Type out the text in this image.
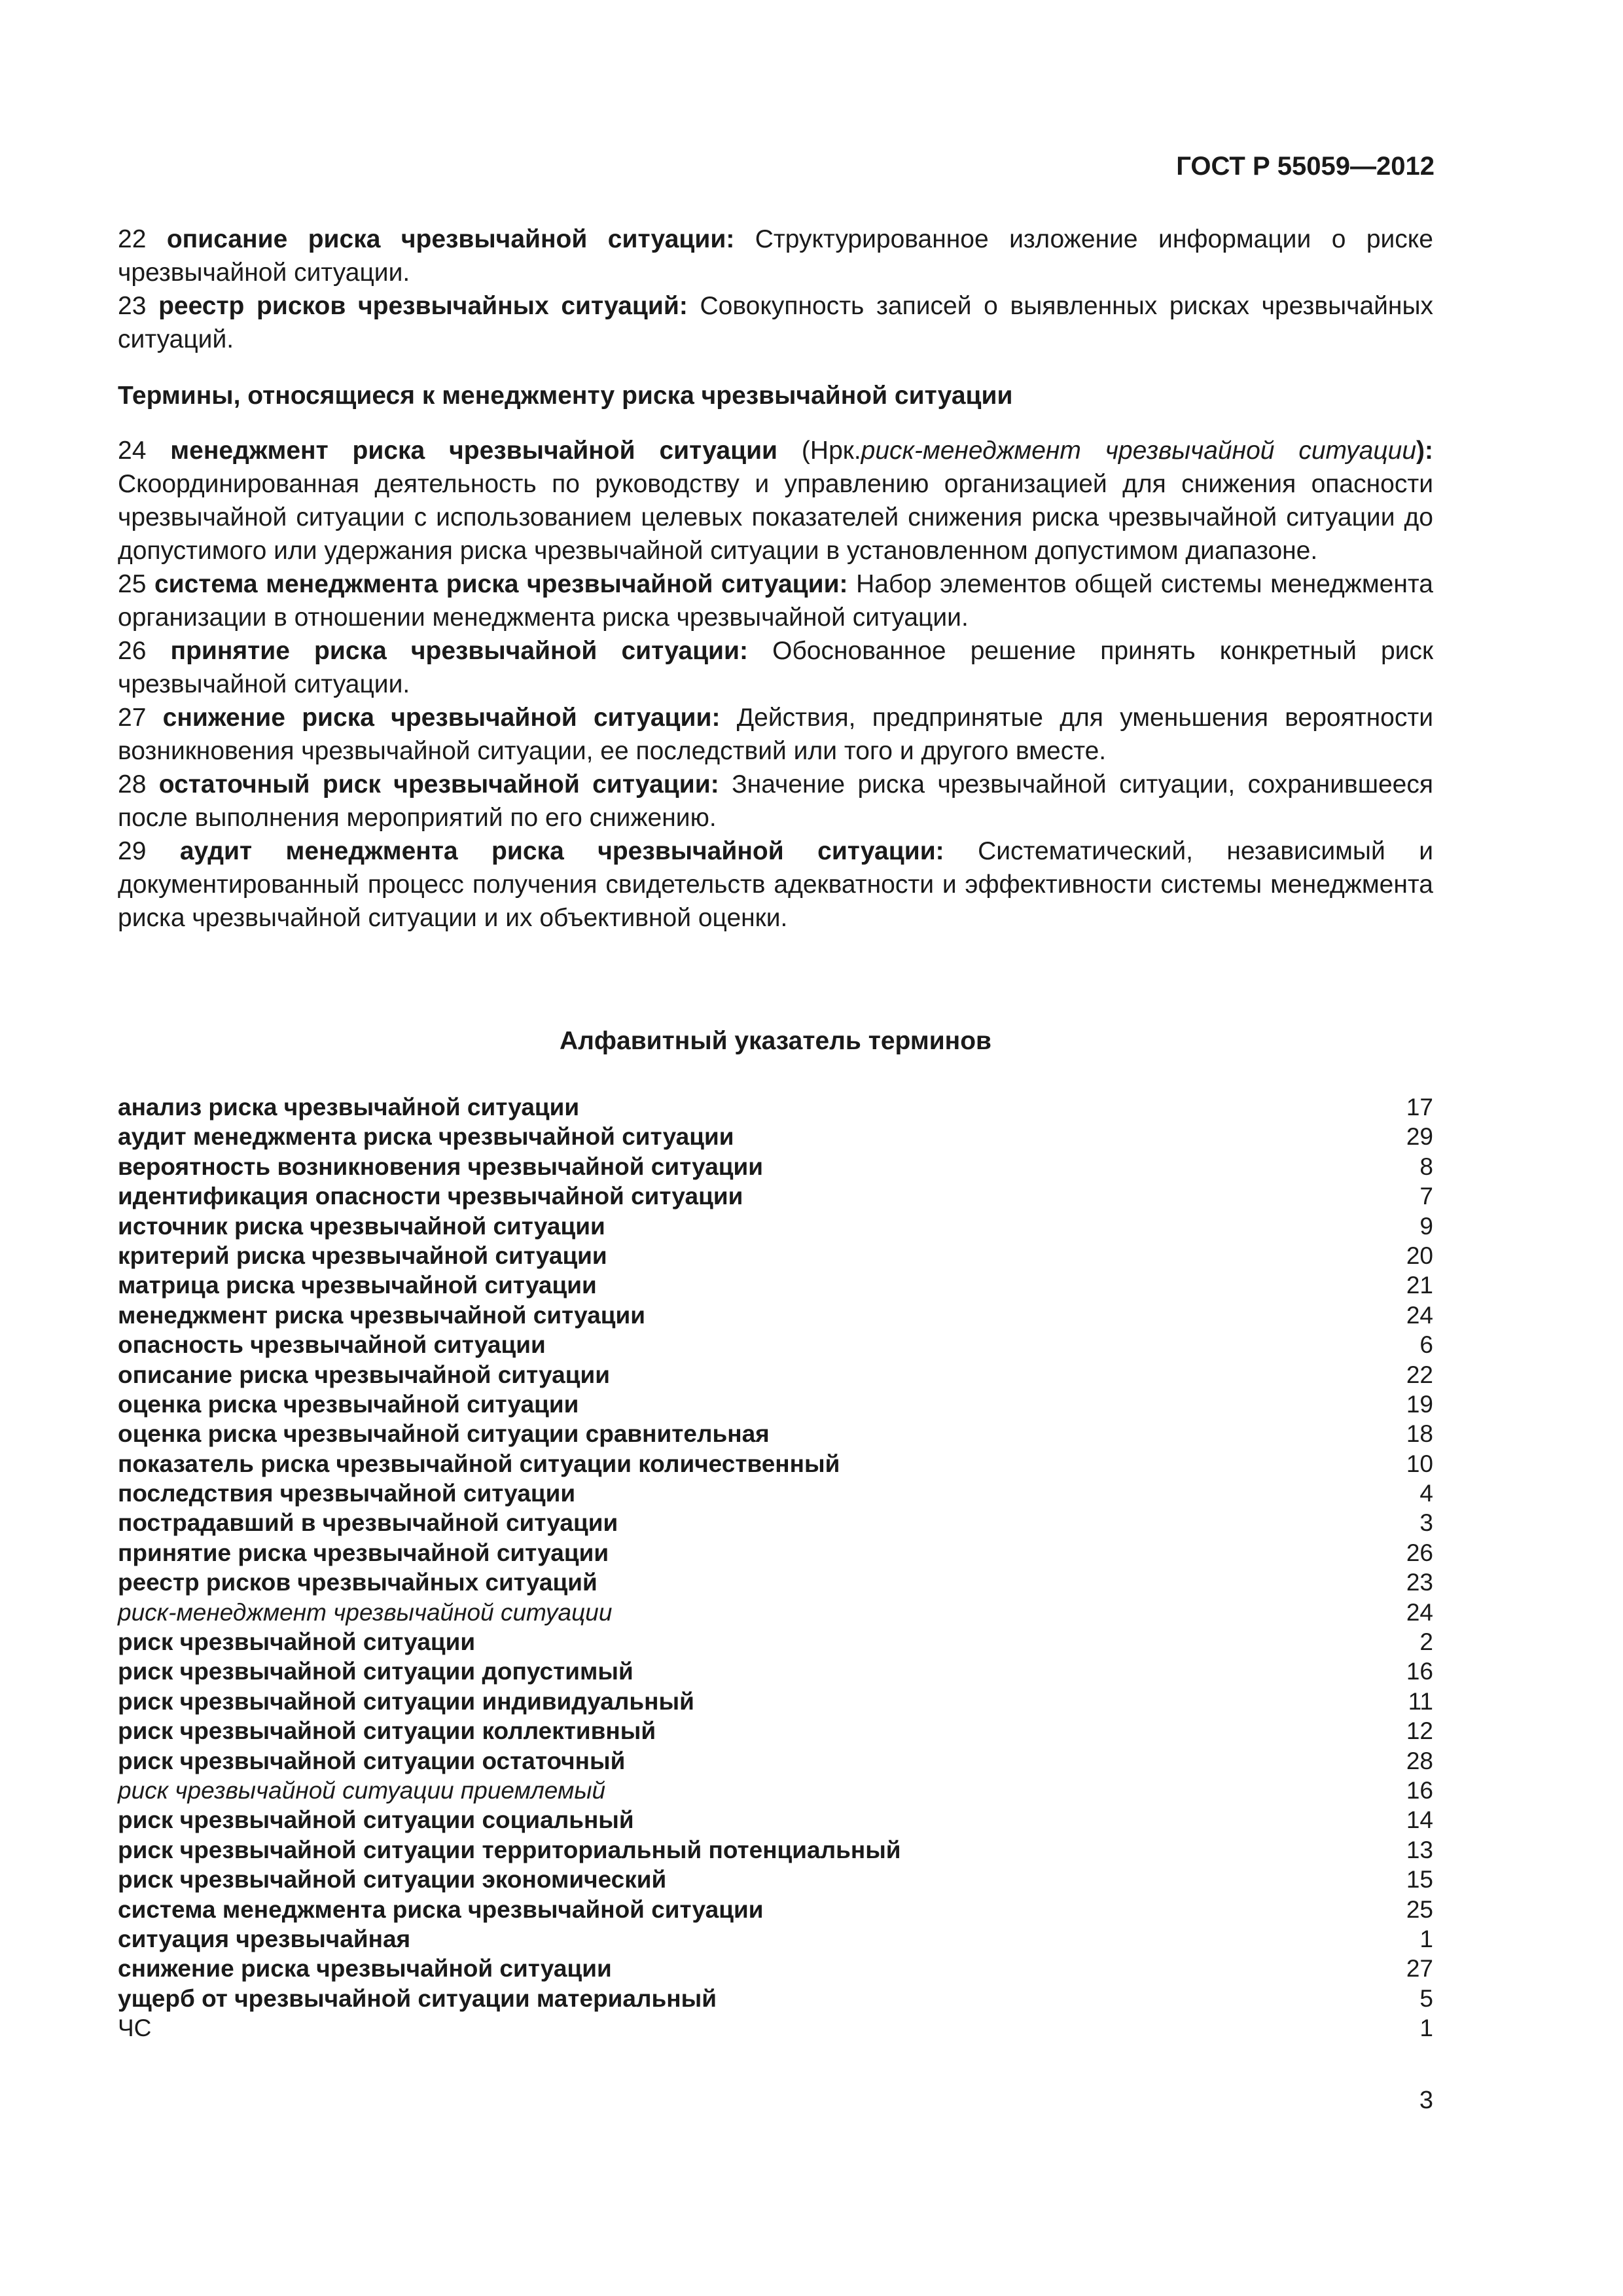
ГОСТ Р 55059—2012

22 описание риска чрезвычайной ситуации: Структурированное изложение информации о риске чрезвычайной ситуации.

23 реестр рисков чрезвычайных ситуаций: Совокупность записей о выявленных рисках чрезвычайных ситуаций.

Термины, относящиеся к менеджменту риска чрезвычайной ситуации

24 менеджмент риска чрезвычайной ситуации (Нрк.риск-менеджмент чрезвычайной ситуации): Скоординированная деятельность по руководству и управлению организацией для снижения опасности чрезвычайной ситуации с использованием целевых показателей снижения риска чрезвычайной ситуации до допустимого или удержания риска чрезвычайной ситуации в установленном допустимом диапазоне.

25 система менеджмента риска чрезвычайной ситуации: Набор элементов общей системы менеджмента организации в отношении менеджмента риска чрезвычайной ситуации.

26 принятие риска чрезвычайной ситуации: Обоснованное решение принять конкретный риск чрезвычайной ситуации.

27 снижение риска чрезвычайной ситуации: Действия, предпринятые для уменьшения вероятности возникновения чрезвычайной ситуации, ее последствий или того и другого вместе.

28 остаточный риск чрезвычайной ситуации: Значение риска чрезвычайной ситуации, сохранившееся после выполнения мероприятий по его снижению.

29 аудит менеджмента риска чрезвычайной ситуации: Систематический, независимый и документированный процесс получения свидетельств адекватности и эффективности системы менеджмента риска чрезвычайной ситуации и их объективной оценки.

Алфавитный указатель терминов
анализ риска чрезвычайной ситуации	17
аудит менеджмента риска чрезвычайной ситуации	29
вероятность возникновения чрезвычайной ситуации	8
идентификация опасности чрезвычайной ситуации	7
источник риска чрезвычайной ситуации	9
критерий риска чрезвычайной ситуации	20
матрица риска чрезвычайной ситуации	21
менеджмент риска чрезвычайной ситуации	24
опасность чрезвычайной ситуации	6
описание риска чрезвычайной ситуации	22
оценка риска чрезвычайной ситуации	19
оценка риска чрезвычайной ситуации сравнительная	18
показатель риска чрезвычайной ситуации количественный	10
последствия чрезвычайной ситуации	4
пострадавший в чрезвычайной ситуации	3
принятие риска чрезвычайной ситуации	26
реестр рисков чрезвычайных ситуаций	23
риск-менеджмент чрезвычайной ситуации	24
риск чрезвычайной ситуации	2
риск чрезвычайной ситуации допустимый	16
риск чрезвычайной ситуации индивидуальный	11
риск чрезвычайной ситуации коллективный	12
риск чрезвычайной ситуации остаточный	28
риск чрезвычайной ситуации приемлемый	16
риск чрезвычайной ситуации социальный	14
риск чрезвычайной ситуации территориальный потенциальный	13
риск чрезвычайной ситуации экономический	15
система менеджмента риска чрезвычайной ситуации	25
ситуация чрезвычайная	1
снижение риска чрезвычайной ситуации	27
ущерб от чрезвычайной ситуации материальный	5
ЧС	1
3
